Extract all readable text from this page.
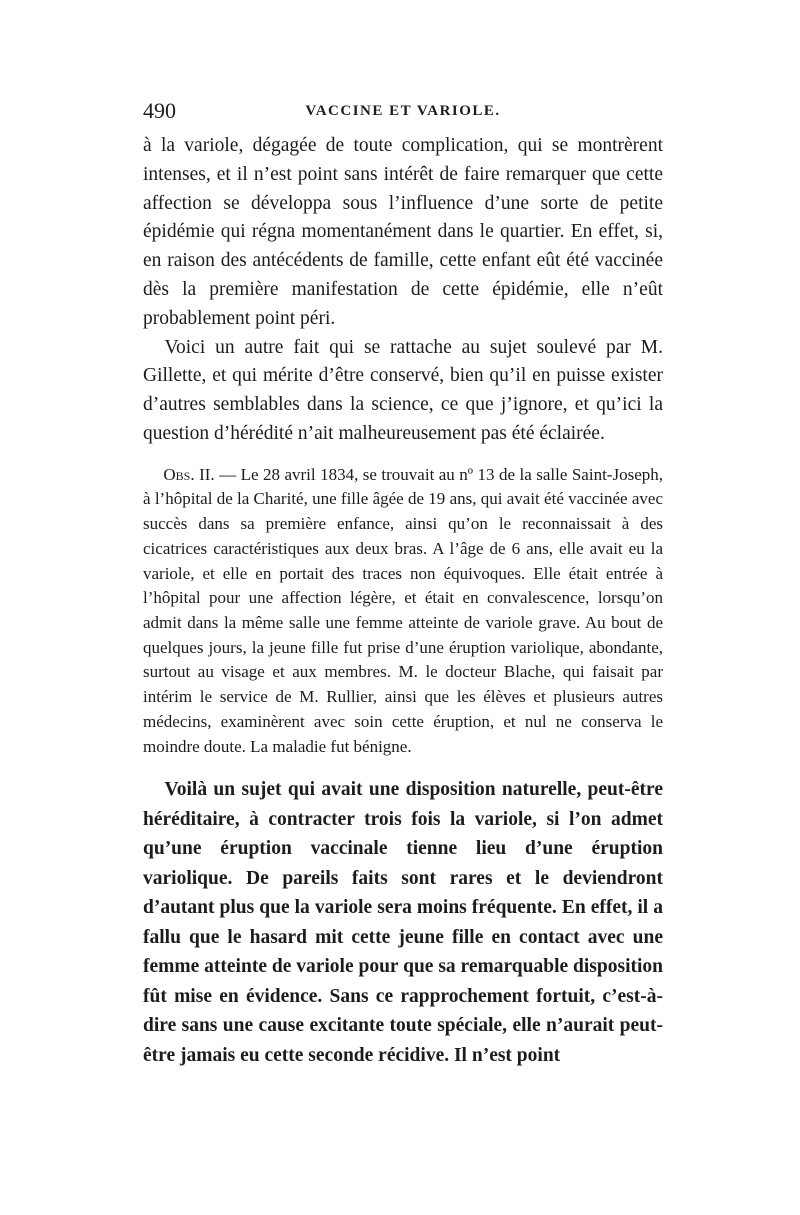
490	VACCINE ET VARIOLE.

à la variole, dégagée de toute complication, qui se montrèrent intenses, et il n’est point sans intérêt de faire remarquer que cette affection se développa sous l’influence d’une sorte de petite épidémie qui régna momentanément dans le quartier. En effet, si, en raison des antécédents de famille, cette enfant eût été vaccinée dès la première manifestation de cette épidémie, elle n’eût probablement point péri.

Voici un autre fait qui se rattache au sujet soulevé par M. Gillette, et qui mérite d’être conservé, bien qu’il en puisse exister d’autres semblables dans la science, ce que j’ignore, et qu’ici la question d’hérédité n’ait malheureusement pas été éclairée.

Obs. II. — Le 28 avril 1834, se trouvait au nº 13 de la salle Saint-Joseph, à l’hôpital de la Charité, une fille âgée de 19 ans, qui avait été vaccinée avec succès dans sa première enfance, ainsi qu’on le reconnaissait à des cicatrices caractéristiques aux deux bras. A l’âge de 6 ans, elle avait eu la variole, et elle en portait des traces non équivoques. Elle était entrée à l’hôpital pour une affection légère, et était en convalescence, lorsqu’on admit dans la même salle une femme atteinte de variole grave. Au bout de quelques jours, la jeune fille fut prise d’une éruption variolique, abondante, surtout au visage et aux membres. M. le docteur Blache, qui faisait par intérim le service de M. Rullier, ainsi que les élèves et plusieurs autres médecins, examinèrent avec soin cette éruption, et nul ne conserva le moindre doute. La maladie fut bénigne.

Voilà un sujet qui avait une disposition naturelle, peut-être héréditaire, à contracter trois fois la variole, si l’on admet qu’une éruption vaccinale tienne lieu d’une éruption variolique. De pareils faits sont rares et le deviendront d’autant plus que la variole sera moins fréquente. En effet, il a fallu que le hasard mit cette jeune fille en contact avec une femme atteinte de variole pour que sa remarquable disposition fût mise en évidence. Sans ce rapprochement fortuit, c’est-à-dire sans une cause excitante toute spéciale, elle n’aurait peut-être jamais eu cette seconde récidive. Il n’est point
